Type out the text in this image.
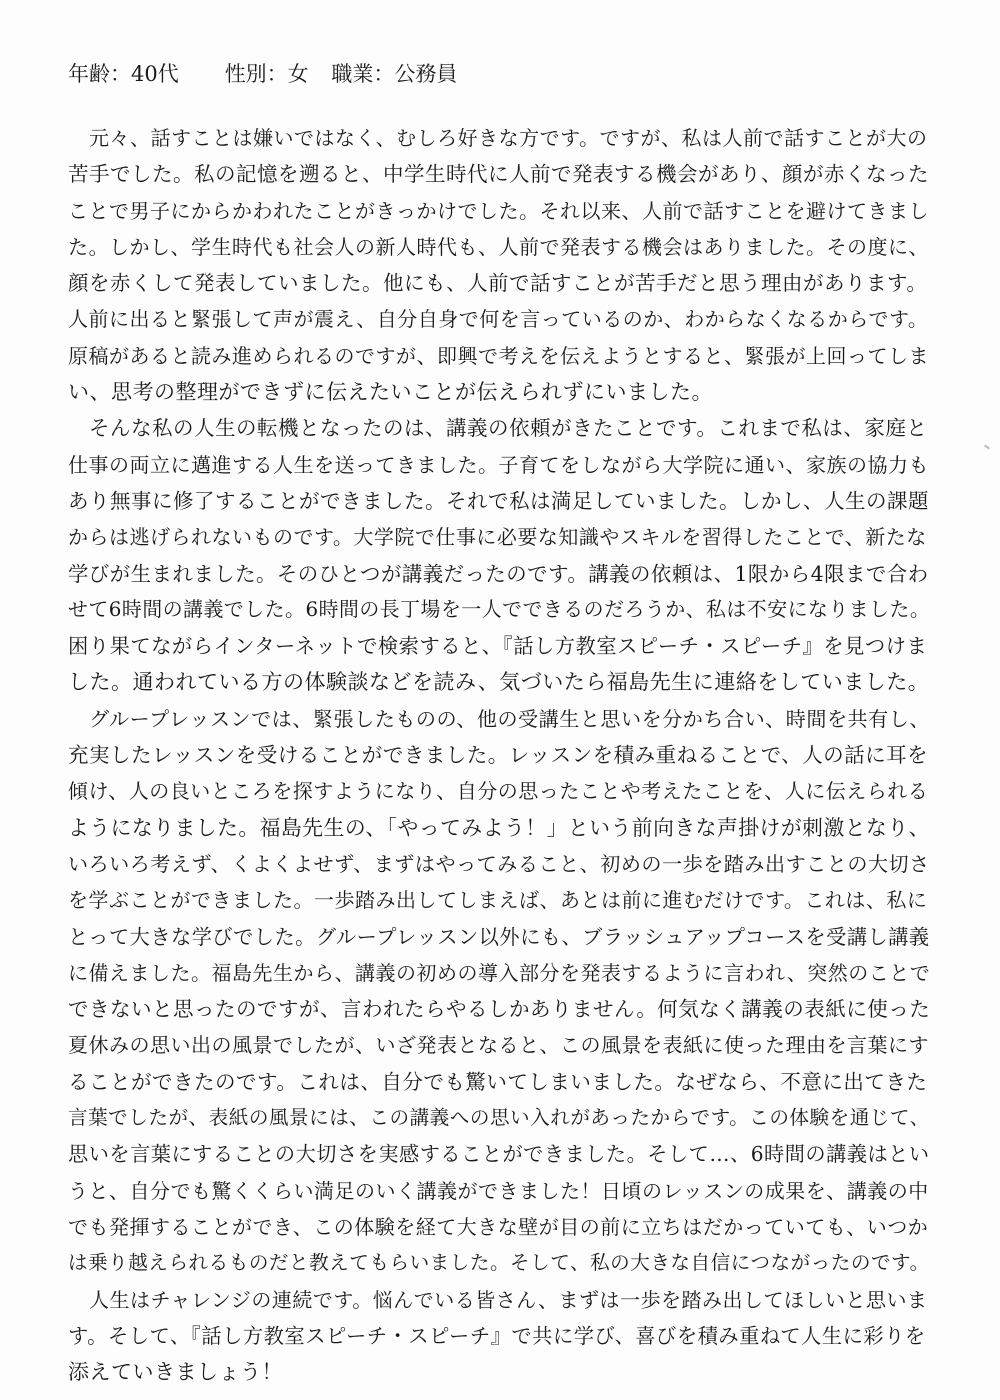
年齢：40代 性別：女 職業：公務員
元々、話すことは嫌いではなく、むしろ好きな方です。ですが、私は人前で話すことが大の
苦手でした。私の記憶を遡ると、中学生時代に人前で発表する機会があり、顔が赤くなった
ことで男子にからかわれたことがきっかけでした。それ以来、人前で話すことを避けてきまし
た。しかし、学生時代も社会人の新人時代も、人前で発表する機会はありました。その度に、
顔を赤くして発表していました。他にも、人前で話すことが苦手だと思う理由があります。
人前に出ると緊張して声が震え、自分自身で何を言っているのか、わからなくなるからです。
原稿があると読み進められるのですが、即興で考えを伝えようとすると、緊張が上回ってしま
い、思考の整理ができずに伝えたいことが伝えられずにいました。
そんな私の人生の転機となったのは、講義の依頼がきたことです。これまで私は、家庭と
仕事の両立に邁進する人生を送ってきました。子育てをしながら大学院に通い、家族の協力も
あり無事に修了することができました。それで私は満足していました。しかし、人生の課題
からは逃げられないものです。大学院で仕事に必要な知識やスキルを習得したことで、新たな
学びが生まれました。そのひとつが講義だったのです。講義の依頼は、1限から4限まで合わ
せて6時間の講義でした。6時間の長丁場を一人でできるのだろうか、私は不安になりました。
困り果てながらインターネットで検索すると、『話し方教室スピーチ・スピーチ』を見つけま
した。通われている方の体験談などを読み、気づいたら福島先生に連絡をしていました。
グループレッスンでは、緊張したものの、他の受講生と思いを分かち合い、時間を共有し、
充実したレッスンを受けることができました。レッスンを積み重ねることで、人の話に耳を
傾け、人の良いところを探すようになり、自分の思ったことや考えたことを、人に伝えられる
ようになりました。福島先生の、「やってみよう！」という前向きな声掛けが刺激となり、
いろいろ考えず、くよくよせず、まずはやってみること、初めの一歩を踏み出すことの大切さ
を学ぶことができました。一歩踏み出してしまえば、あとは前に進むだけです。これは、私に
とって大きな学びでした。グループレッスン以外にも、ブラッシュアップコースを受講し講義
に備えました。福島先生から、講義の初めの導入部分を発表するように言われ、突然のことで
できないと思ったのですが、言われたらやるしかありません。何気なく講義の表紙に使った
夏休みの思い出の風景でしたが、いざ発表となると、この風景を表紙に使った理由を言葉にす
ることができたのです。これは、自分でも驚いてしまいました。なぜなら、不意に出てきた
言葉でしたが、表紙の風景には、この講義への思い入れがあったからです。この体験を通じて、
思いを言葉にすることの大切さを実感することができました。そして…、6時間の講義はとい
うと、自分でも驚くくらい満足のいく講義ができました！日頃のレッスンの成果を、講義の中
でも発揮することができ、この体験を経て大きな壁が目の前に立ちはだかっていても、いつか
は乗り越えられるものだと教えてもらいました。そして、私の大きな自信につながったのです。
人生はチャレンジの連続です。悩んでいる皆さん、まずは一歩を踏み出してほしいと思いま
す。そして、『話し方教室スピーチ・スピーチ』で共に学び、喜びを積み重ねて人生に彩りを
添えていきましょう！
